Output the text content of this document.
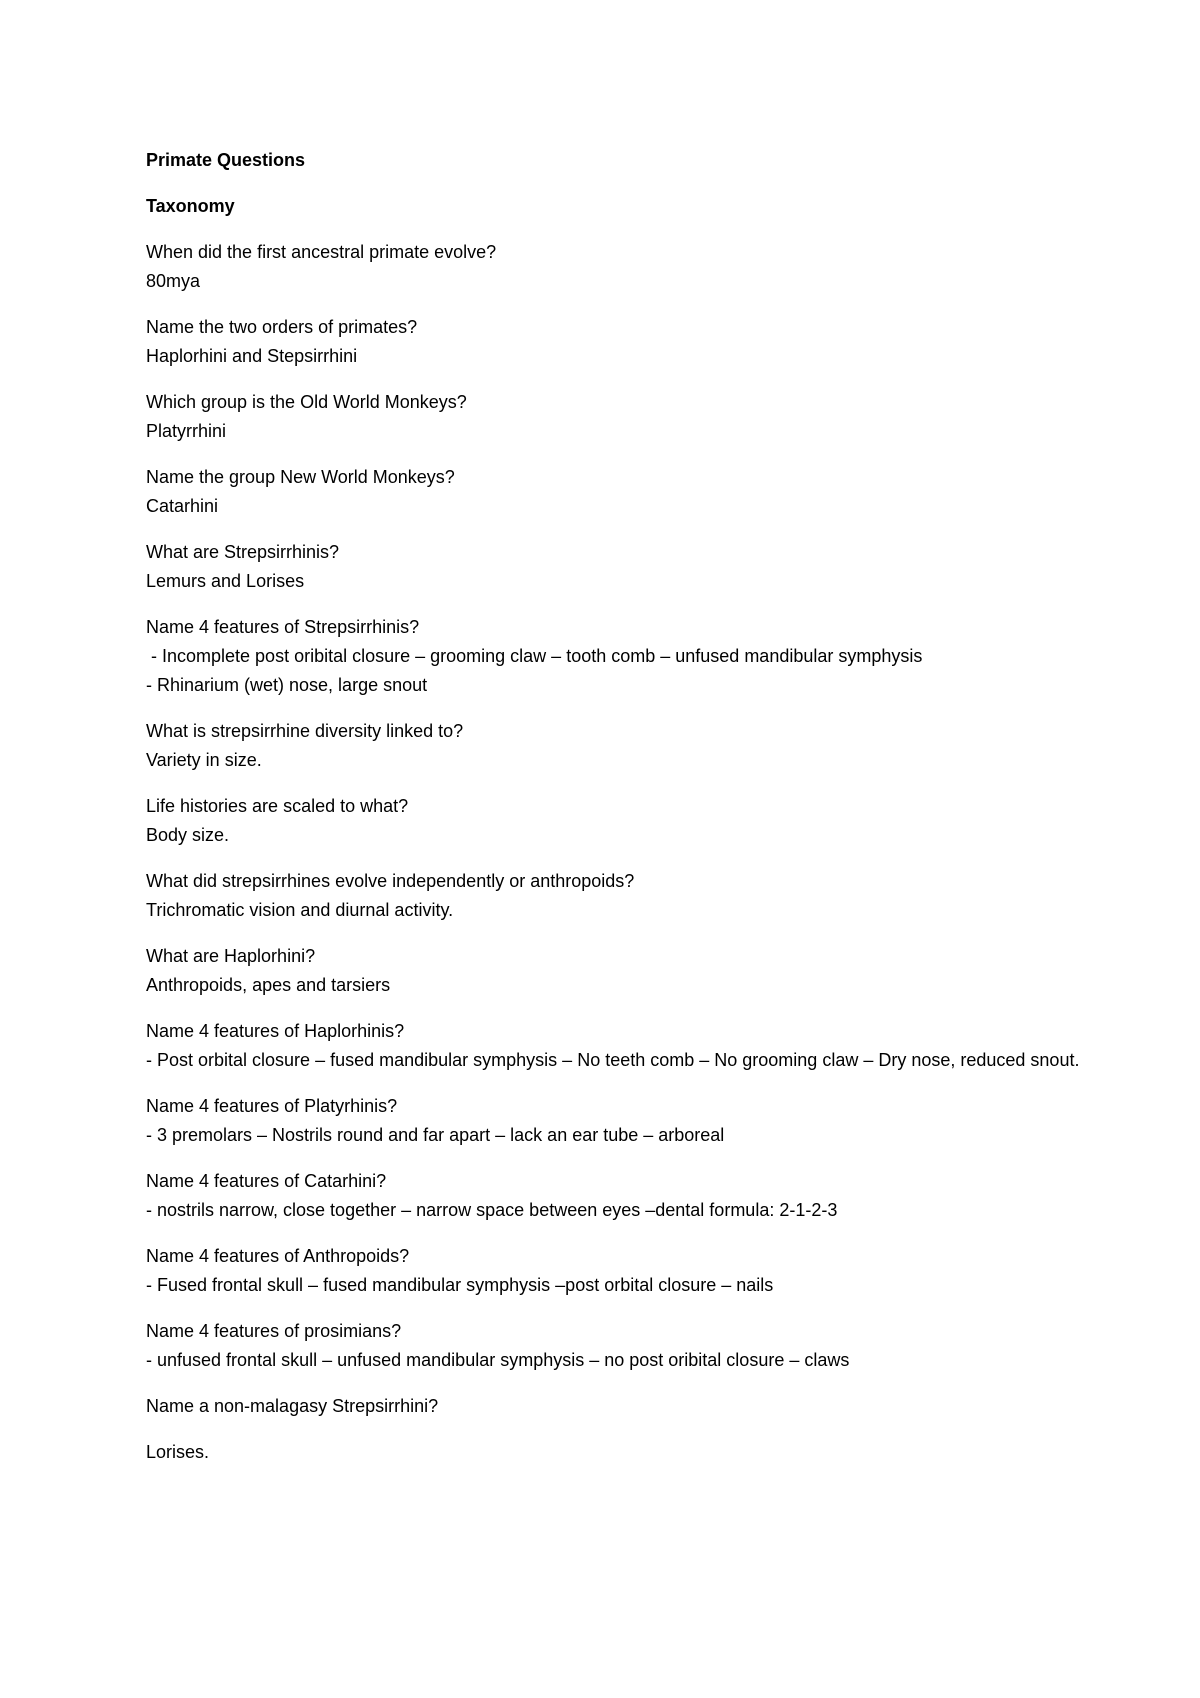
Primate Questions
Taxonomy
When did the first ancestral primate evolve?
80mya
Name the two orders of primates?
Haplorhini and Stepsirrhini
Which group is the Old World Monkeys?
Platyrrhini
Name the group New World Monkeys?
Catarhini
What are Strepsirrhinis?
Lemurs and Lorises
Name 4 features of Strepsirrhinis?
- Incomplete post oribital closure – grooming claw – tooth comb – unfused mandibular symphysis
- Rhinarium (wet) nose, large snout
What is strepsirrhine diversity linked to?
Variety in size.
Life histories are scaled to what?
Body size.
What did strepsirrhines evolve independently or anthropoids?
Trichromatic vision and diurnal activity.
What are Haplorhini?
Anthropoids, apes and tarsiers
Name 4 features of Haplorhinis?
- Post orbital closure – fused mandibular symphysis – No teeth comb – No grooming claw – Dry nose, reduced snout.
Name 4 features of Platyrhinis?
- 3 premolars – Nostrils round and far apart – lack an ear tube – arboreal
Name 4 features of Catarhini?
- nostrils narrow, close together – narrow space between eyes –dental formula: 2-1-2-3
Name 4 features of Anthropoids?
- Fused frontal skull – fused mandibular symphysis –post orbital closure – nails
Name 4 features of prosimians?
- unfused frontal skull – unfused mandibular symphysis – no post oribital closure – claws
Name a non-malagasy Strepsirrhini?
Lorises.
